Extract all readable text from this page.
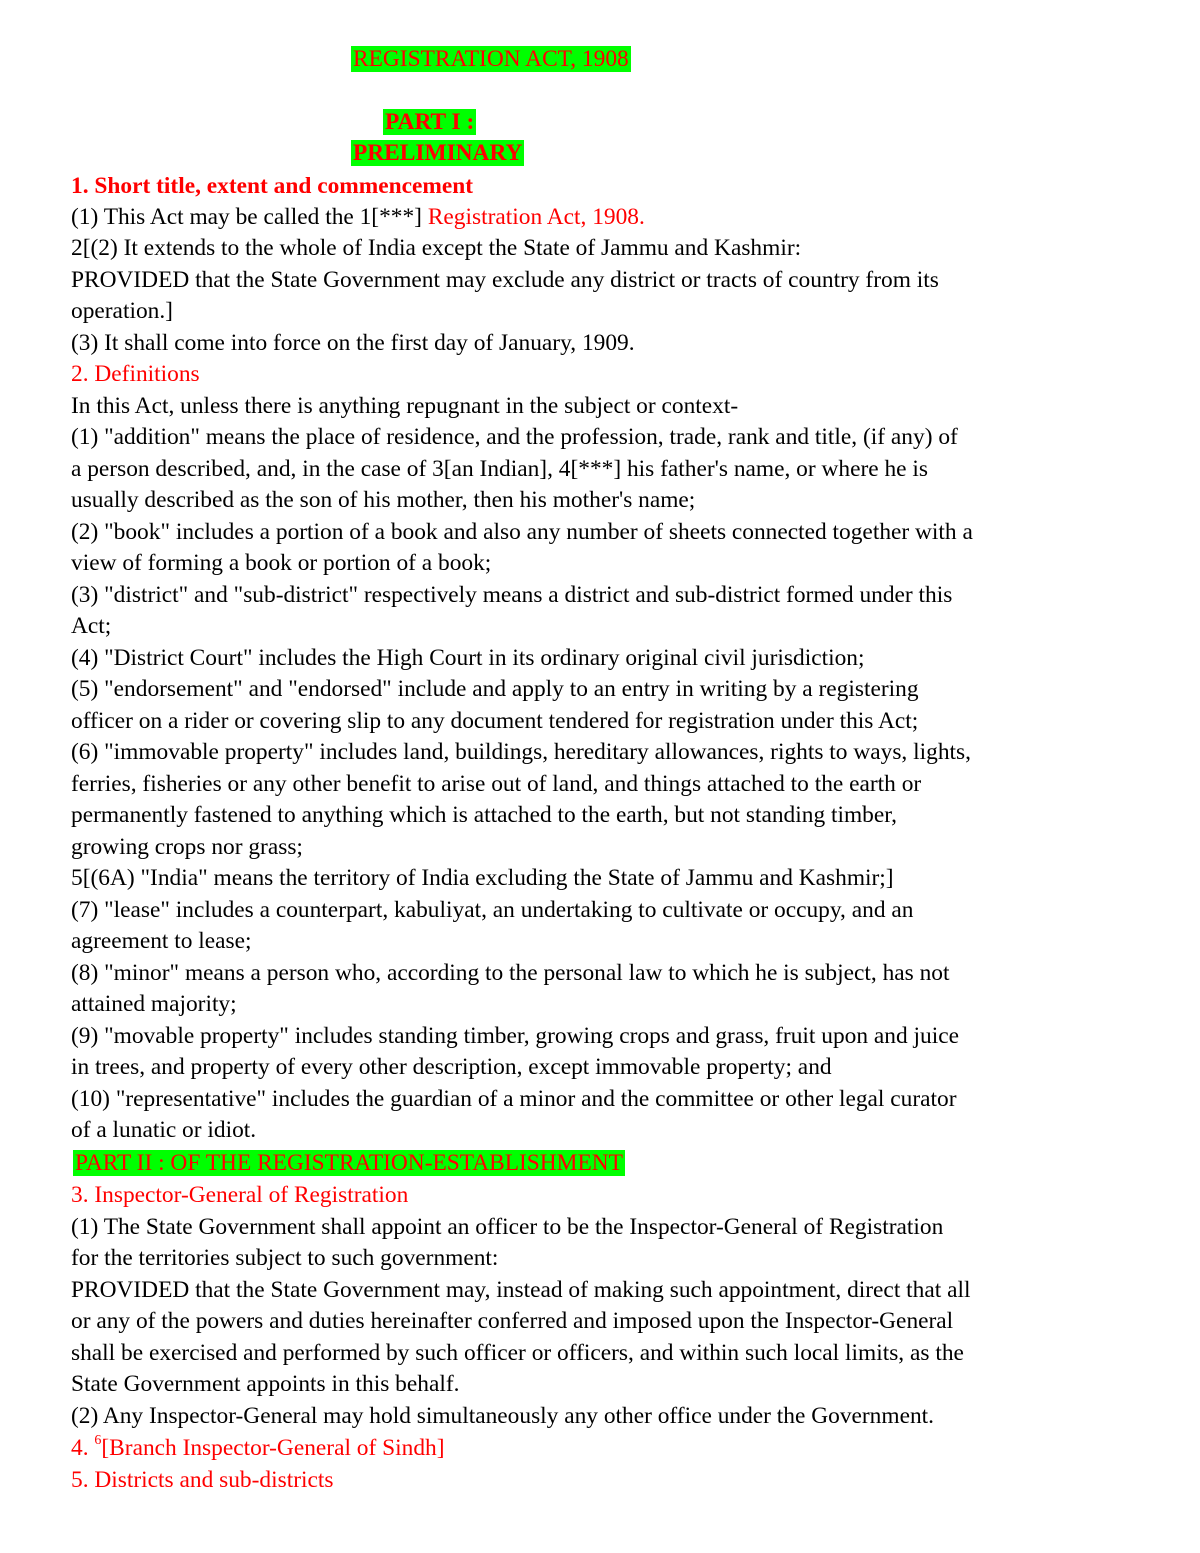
REGISTRATION ACT, 1908
PART I :
PRELIMINARY
1. Short title, extent and commencement
(1) This Act may be called the 1[***] Registration Act, 1908.
2[(2) It extends to the whole of India except the State of Jammu and Kashmir:
PROVIDED that the State Government may exclude any district or tracts of country from its
operation.]
(3) It shall come into force on the first day of January, 1909.
2. Definitions
In this Act, unless there is anything repugnant in the subject or context-
(1) "addition" means the place of residence, and the profession, trade, rank and title, (if any) of
a person described, and, in the case of 3[an Indian], 4[***] his father's name, or where he is
usually described as the son of his mother, then his mother's name;
(2) "book" includes a portion of a book and also any number of sheets connected together with a
view of forming a book or portion of a book;
(3) "district" and "sub-district" respectively means a district and sub-district formed under this
Act;
(4) "District Court" includes the High Court in its ordinary original civil jurisdiction;
(5) "endorsement" and "endorsed" include and apply to an entry in writing by a registering
officer on a rider or covering slip to any document tendered for registration under this Act;
(6) "immovable property" includes land, buildings, hereditary allowances, rights to ways, lights,
ferries, fisheries or any other benefit to arise out of land, and things attached to the earth or
permanently fastened to anything which is attached to the earth, but not standing timber,
growing crops nor grass;
5[(6A) "India" means the territory of India excluding the State of Jammu and Kashmir;]
(7) "lease" includes a counterpart, kabuliyat, an undertaking to cultivate or occupy, and an
agreement to lease;
(8) "minor" means a person who, according to the personal law to which he is subject, has not
attained majority;
(9) "movable property" includes standing timber, growing crops and grass, fruit upon and juice
in trees, and property of every other description, except immovable property; and
(10) "representative" includes the guardian of a minor and the committee or other legal curator
of a lunatic or idiot.
PART II : OF THE REGISTRATION-ESTABLISHMENT
3. Inspector-General of Registration
(1) The State Government shall appoint an officer to be the Inspector-General of Registration
for the territories subject to such government:
PROVIDED that the State Government may, instead of making such appointment, direct that all
or any of the powers and duties hereinafter conferred and imposed upon the Inspector-General
shall be exercised and performed by such officer or officers, and within such local limits, as the
State Government appoints in this behalf.
(2) Any Inspector-General may hold simultaneously any other office under the Government.
4. $^6$[Branch Inspector-General of Sindh]
5. Districts and sub-districts
